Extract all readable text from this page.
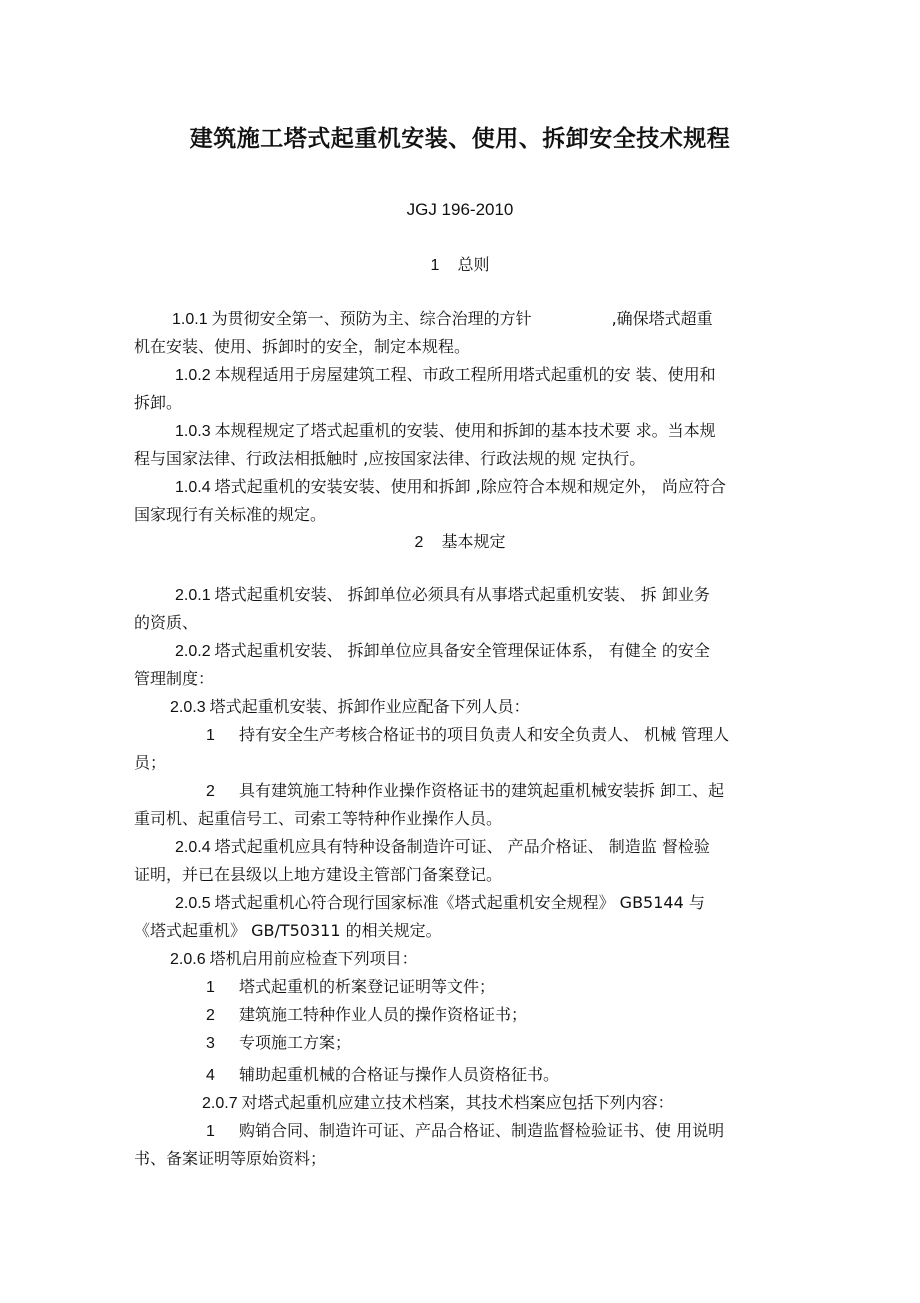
建筑施工塔式起重机安装、使用、拆卸安全技术规程
JGJ 196-2010
1 总则
2 基本规定
1.0.1 为贯彻安全第一、预防为主、综合治理的方针　　　　　,确保塔式超重
机在安装、使用、拆卸时的安全，制定本规程。
1.0.2 本规程适用于房屋建筑工程、市政工程所用塔式起重机的安 装、使用和
拆卸。
1.0.3 本规程规定了塔式起重机的安装、使用和拆卸的基本技术要 求。当本规
程与国家法律、行政法相抵触时 ,应按国家法律、行政法规的规 定执行。
1.0.4 塔式起重机的安装安装、使用和拆卸 ,除应符合本规和规定外， 尚应符合
国家现行有关标准的规定。
2.0.1 塔式起重机安装、 拆卸单位必须具有从事塔式起重机安装、 拆 卸业务
的资质、
2.0.2 塔式起重机安装、 拆卸单位应具备安全管理保证体系， 有健全 的安全
管理制度：
2.0.3 塔式起重机安装、拆卸作业应配备下列人员：
1 持有安全生产考核合格证书的项目负责人和安全负责人、 机械 管理人
员；
2 具有建筑施工特种作业操作资格证书的建筑起重机械安装拆 卸工、起
重司机、起重信号工、司索工等特种作业操作人员。
2.0.4 塔式起重机应具有特种设备制造许可证、 产品介格证、 制造监 督检验
证明，并已在县级以上地方建设主管部门备案登记。
2.0.5 塔式起重机心符合现行国家标准《塔式起重机安全规程》 GB5144 与
《塔式起重机》 GB/T50311 的相关规定。
2.0.6 塔机启用前应检查下列项目：
1 塔式起重机的析案登记证明等文件；
2 建筑施工特种作业人员的操作资格证书；
3 专项施工方案；
4 辅助起重机械的合格证与操作人员资格征书。
2.0.7 对塔式起重机应建立技术档案，其技术档案应包括下列内容：
1 购销合同、制造许可证、产品合格证、制造监督检验证书、使 用说明
书、备案证明等原始资料；
